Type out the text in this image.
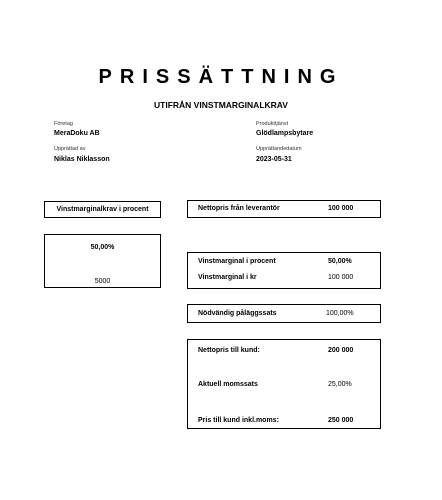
PRISSÄTTNING
UTIFRÅN VINSTMARGINALKRAV
Företag
MeraDoku AB
Produkttjänst
Glödlampsbytare
Upprättad av
Niklas Niklasson
Upprättandedatum
2023-05-31
Vinstmarginalkrav i procent
50,00%
5000
Nettopris från leverantör	100 000
Vinstmarginal i procent	50,00%
Vinstmarginal i kr	100 000
Nödvändig påläggssats	100,00%
Nettopris till kund:	200 000
Aktuell momssats	25,00%
Pris till kund inkl.moms:	250 000
